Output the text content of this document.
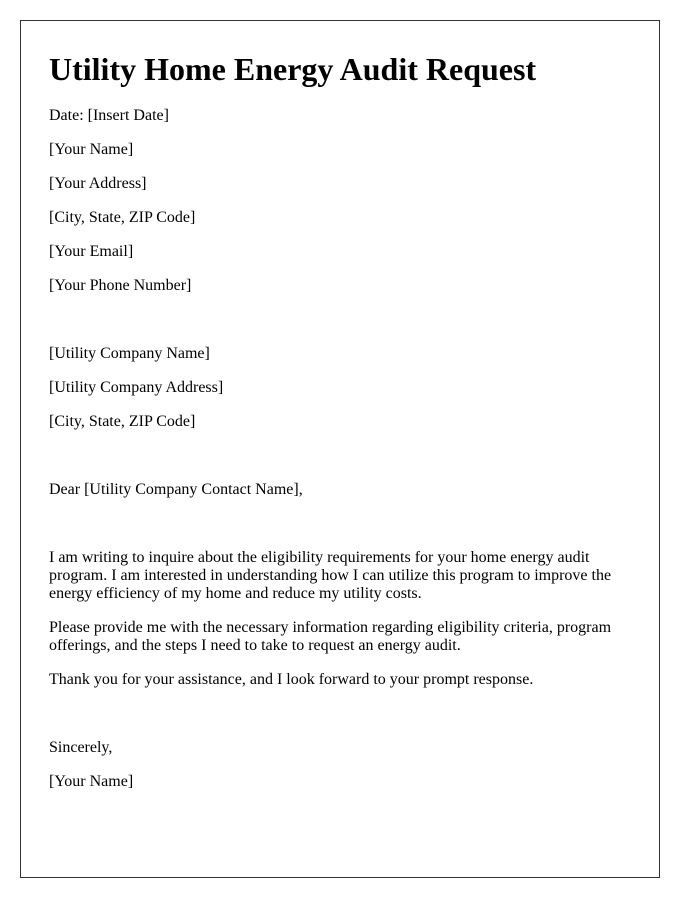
Utility Home Energy Audit Request

Date: [Insert Date]

[Your Name]

[Your Address]

[City, State, ZIP Code]

[Your Email]

[Your Phone Number]

[Utility Company Name]

[Utility Company Address]

[City, State, ZIP Code]

Dear [Utility Company Contact Name],

I am writing to inquire about the eligibility requirements for your home energy audit program. I am interested in understanding how I can utilize this program to improve the energy efficiency of my home and reduce my utility costs.

Please provide me with the necessary information regarding eligibility criteria, program offerings, and the steps I need to take to request an energy audit.

Thank you for your assistance, and I look forward to your prompt response.

Sincerely,

[Your Name]
